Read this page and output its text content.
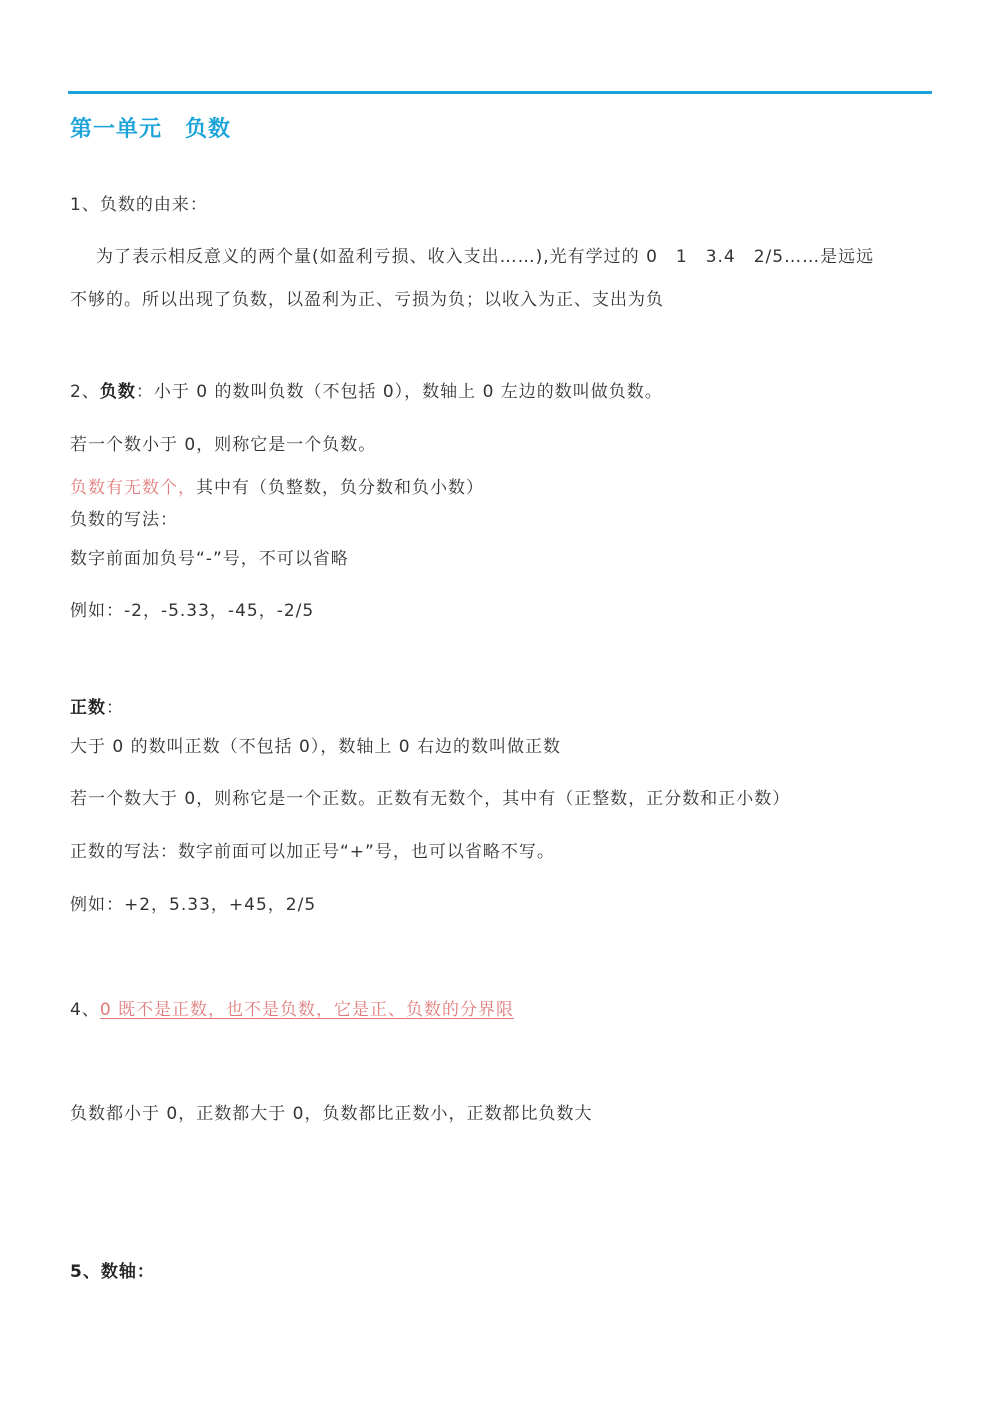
第一单元　负数
1、负数的由来：
为了表示相反意义的两个量(如盈利亏损、收入支出……),光有学过的 0　1　3.4　2/5……是远远
不够的。所以出现了负数，以盈利为正、亏损为负；以收入为正、支出为负
2、负数：小于 0 的数叫负数（不包括 0），数轴上 0 左边的数叫做负数。
若一个数小于 0，则称它是一个负数。
负数有无数个，其中有（负整数，负分数和负小数）
负数的写法：
数字前面加负号“-”号，不可以省略
例如：-2，-5.33，-45，-2/5
正数：
大于 0 的数叫正数（不包括 0），数轴上 0 右边的数叫做正数
若一个数大于 0，则称它是一个正数。正数有无数个，其中有（正整数，正分数和正小数）
正数的写法：数字前面可以加正号“+”号，也可以省略不写。
例如：+2，5.33，+45，2/5
4、0 既不是正数，也不是负数，它是正、负数的分界限
负数都小于 0，正数都大于 0，负数都比正数小，正数都比负数大
5、数轴：
